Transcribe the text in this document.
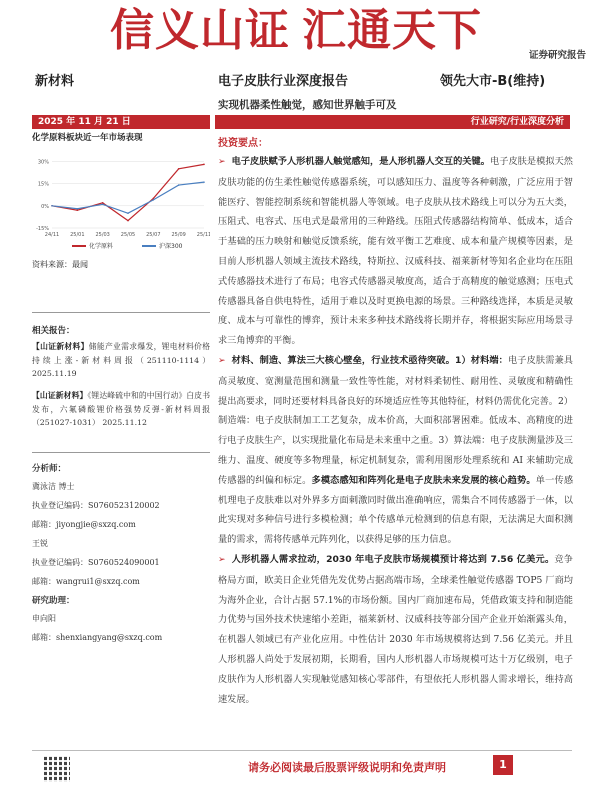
信义山证 汇通天下	证券研究报告
新材料	电子皮肤行业深度报告	领先大市-B(维持)
实现机器柔性触觉，感知世界触手可及
2025 年 11 月 21 日	行业研究/行业深度分析
化学原料板块近一年市场表现
-15%
0%
15%
30%
24/11 25/01 25/03 25/05 25/07 25/09 25/11
化学原料	沪深300
资料来源：最闻
相关报告：
【山证新材料】储能产业需求爆发，锂电材料价格持续上涨-新材料周报（251110-1114） 2025.11.19
【山证新材料】《锂达峰硫中和的中国行动》白皮书发布，六氟磷酸锂价格强势反弹-新材料周报（251027-1031） 2025.11.12
分析师：
冀泳洁 博士
执业登记编码：S0760523120002
邮箱：jiyongjie@sxzq.com
王锐
执业登记编码：S0760524090001
邮箱：wangrui1@sxzq.com
研究助理：
申向阳
邮箱：shenxiangyang@sxzq.com
投资要点：

➢ 电子皮肤赋予人形机器人触觉感知，是人形机器人交互的关键。电子皮肤是模拟天然皮肤功能的仿生柔性触觉传感器系统，可以感知压力、温度等各种刺激，广泛应用于智能医疗、智能控制系统和智能机器人等领域。电子皮肤从技术路线上可以分为五大类，压阻式、电容式、压电式是最常用的三种路线。压阻式传感器结构简单、低成本，适合于基础的压力映射和触觉反馈系统，能有效平衡工艺难度、成本和量产规模等因素，是目前人形机器人领域主流技术路线，特斯拉、汉威科技、福莱新材等知名企业均在压阻式传感器技术进行了布局；电容式传感器灵敏度高，适合于高精度的触觉感测；压电式传感器具备自供电特性，适用于难以及时更换电源的场景。三种路线选择，本质是灵敏度、成本与可靠性的博弈，预计未来多种技术路线将长期并存，将根据实际应用场景寻求三角博弈的平衡。

➢ 材料、制造、算法三大核心壁垒，行业技术亟待突破。1）材料端：电子皮肤需兼具高灵敏度、宽测量范围和测量一致性等性能，对材料柔韧性、耐用性、灵敏度和精确性提出高要求，同时还要材料具备良好的环境适应性等其他特征，材料仍需优化完善。2）制造端：电子皮肤制加工工艺复杂，成本价高，大面积部署困难。低成本、高精度的进行电子皮肤生产，以实现批量化布局是未来重中之重。3）算法端：电子皮肤测量涉及三维力、温度、硬度等多物理量，标定机制复杂，需利用图形处理系统和 AI 来辅助完成传感器的纠偏和标定。多模态感知和阵列化是电子皮肤未来发展的核心趋势。单一传感机理电子皮肤难以对外界多方面刺激同时做出准确响应，需集合不同传感器于一体，以此实现对多种信号进行多模检测；单个传感单元检测到的信息有限，无法满足大面积测量的需求，需将传感单元阵列化，以获得足够的压力信息。

➢ 人形机器人需求拉动，2030 年电子皮肤市场规模预计将达到 7.56 亿美元。竞争格局方面，欧美日企业凭借先发优势占据高端市场，全球柔性触觉传感器 TOP5 厂商均为海外企业，合计占据 57.1%的市场份额。国内厂商加速布局，凭借政策支持和制造能力优势与国外技术快速缩小差距，福莱新材、汉威科技等部分国产企业开始渐露头角，在机器人领域已有产业化应用。中性估计 2030 年市场规模将达到 7.56 亿美元。并且人形机器人尚处于发展初期，长期看，国内人形机器人市场规模可达十万亿级别，电子皮肤作为人形机器人实现触觉感知核心零部件，有望依托人形机器人需求增长，维持高速发展。

请务必阅读最后股票评级说明和免责声明	1
